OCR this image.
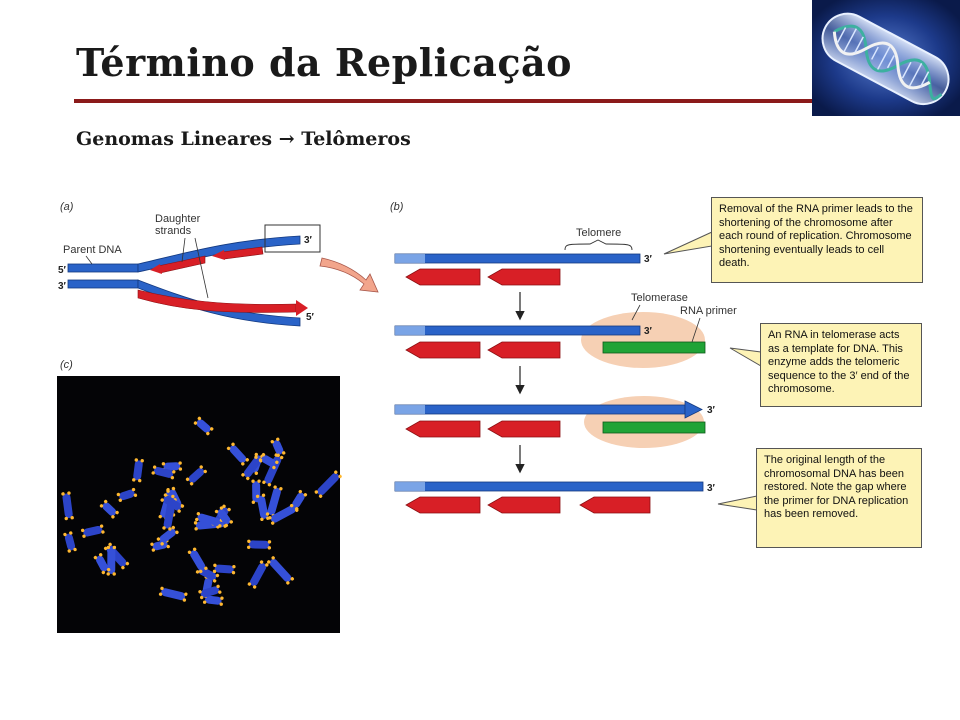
Término da Replicação
Genomas Lineares → Telômeros
(a)
Daughter strands
Parent DNA
5′
3′
3′
5′
(c)
(b)
Telomere
3′
Telomerase
RNA primer
3′
3′
3′
Removal of the RNA primer leads to the shortening of the chromosome after each round of replication. Chromosome shortening eventually leads to cell death.
An RNA in telomerase acts as a template for DNA. This enzyme adds the telomeric sequence to the 3′ end of the chromosome.
The original length of the chromosomal DNA has been restored. Note the gap where the primer for DNA replication has been removed.
